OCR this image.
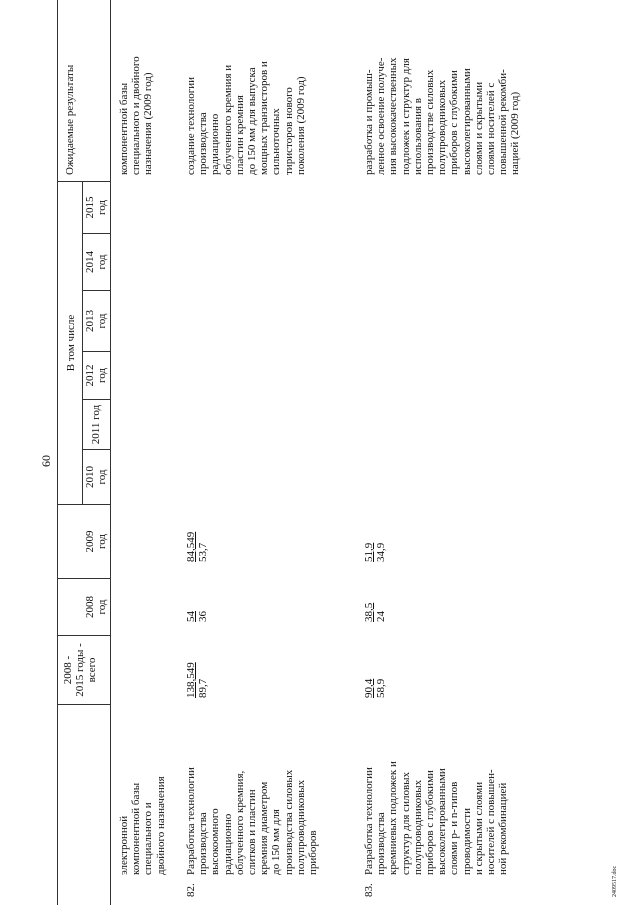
60
2008 - 2015 годы - всего
2008 год
2009 год
2010 год
В том числе
2011 год
2012 год
2013 год
2014 год
2015 год
Ожидаемые результаты
электронной
компонентной базы
специального и
двойного назначения
компонентной базы
специального и двойного
назначения (2009 год)
82.
Разработка технологии
производства
высокоомного
радиационно
облученного кремния,
слитков и пластин
кремния диаметром
до 150 мм для
производства силовых
полупроводниковых
приборов
138,549 89,7
54 36
84,549 53,7
создание технологии
производства
радиационно
облученного кремния и
пластин кремния
до 150 мм для выпуска
мощных транзисторов и
сильноточных
тиристоров нового
поколения (2009 год)
83.
Разработка технологии
производства
кремниевых подложек и
структур для силовых
полупроводниковых
приборов с глубокими
высоколегированными
слоями p- и n-типов
проводимости
и скрытыми слоями
носителей с повышен-
ной рекомбинацией
90,4 58,9
38,5 24
51,9 34,9
разработка и промыш-
ленное освоение получе-
ния высококачественных
подложек и структур для
использования в
производстве силовых
полупроводниковых
приборов с глубокими
высоколегированными
слоями и скрытыми
слоями носителей с
повышенной рекомби-
нацией (2009 год)
2409517.doc
